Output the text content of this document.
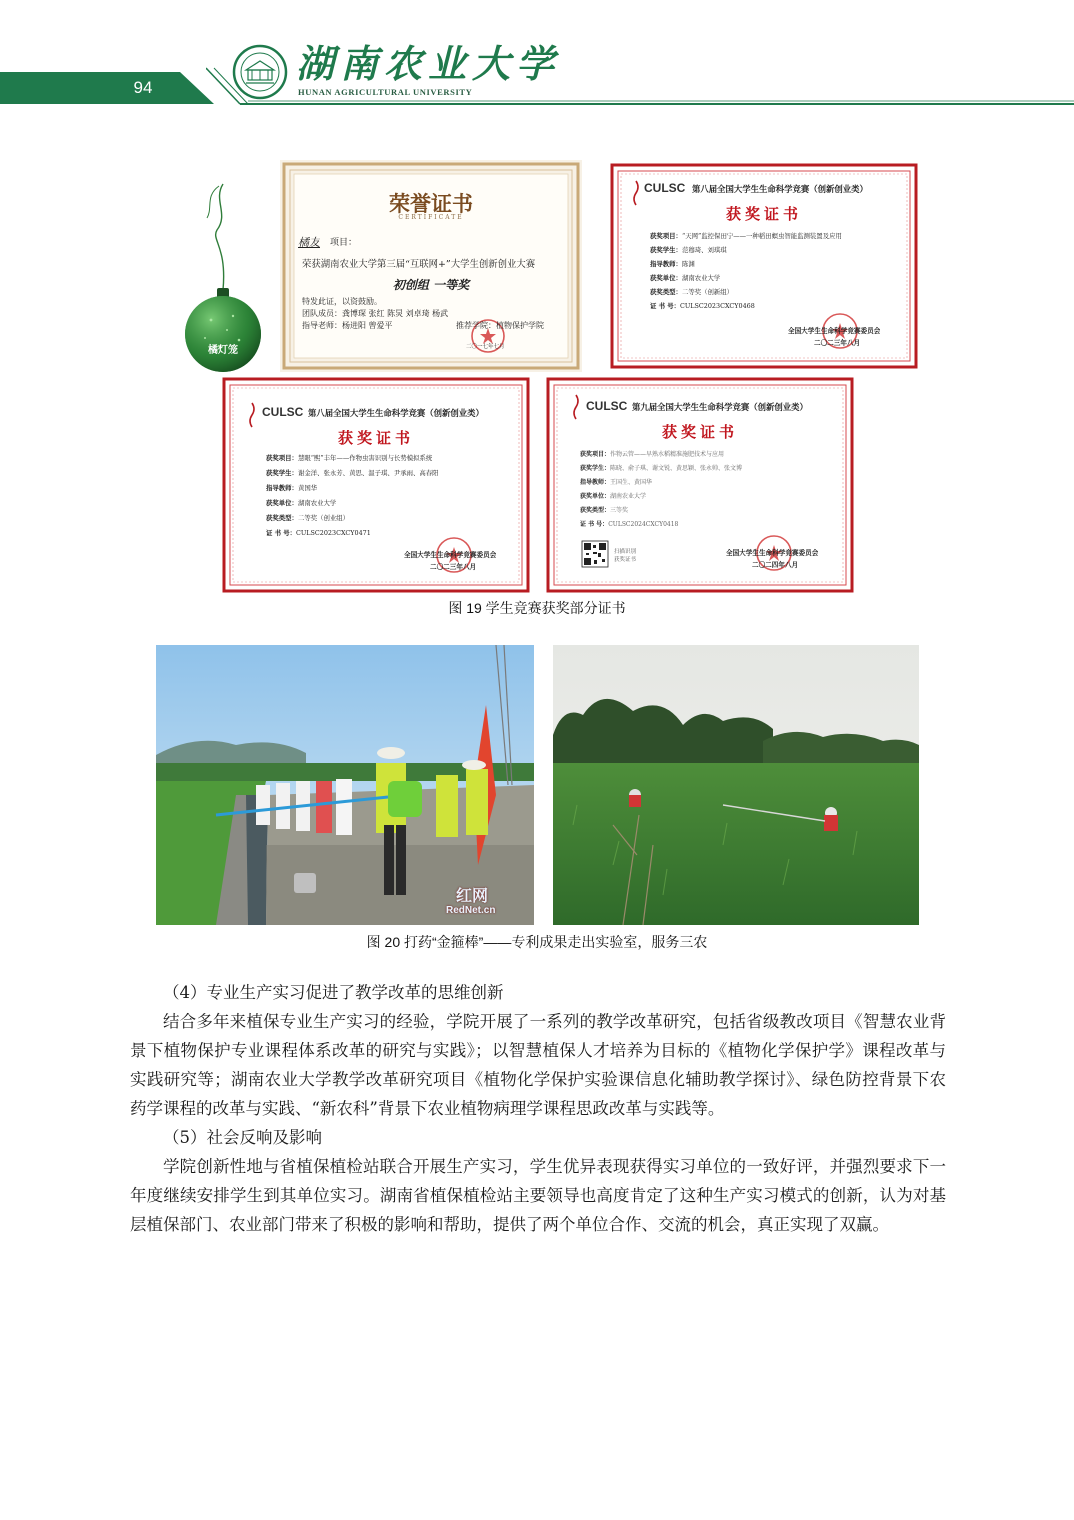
94
湖南农业大学
HUNAN AGRICULTURAL UNIVERSITY
橘灯笼
荣誉证书
CERTIFICATE
橘友 项目：
荣获湖南农业大学第三届“互联网+”大学生创新创业大赛
初创组 一等奖
特发此证，以资鼓励。
团队成员：龚博琛 张红 陈炅 刘卓琦 杨武
指导老师：杨进阳 曾爱平	推荐学院：植物保护学院
二〇一七年七月
CULSC 第八届全国大学生生命科学竞赛（创新创业类）
获奖证书
获奖项目：“天网”监控保田宁——一种稻田螟虫智能监测装置及应用
获奖学生：范穆琦、刘琪琪
指导教师：陈渊
获奖单位：湖南农业大学
获奖类型：二等奖（创新组）
证 书 号：CULSC2023CXCY0468
全国大学生生命科学竞赛委员会
二〇二三年八月
CULSC 第八届全国大学生生命科学竞赛（创新创业类）
获奖证书
获奖项目：慧眼“熙”丰年——作物虫害识别与长势模拟系统
获奖学生：谢金洋、张永芳、黄思、温子琪、尹承雨、高春阳
指导教师：黄国华
获奖单位：湖南农业大学
获奖类型：二等奖（创业组）
证 书 号：CULSC2023CXCY0471
全国大学生生命科学竞赛委员会
二〇二三年八月
CULSC 第九届全国大学生生命科学竞赛（创新创业类）
获奖证书
获奖项目：作物云管——早熟水稻精准施肥技术与应用
获奖学生：陈晓、俞子琪、谢文锐、黄思颖、张永帅、张文博
指导教师：王国生、黄国华
获奖单位：湖南农业大学
获奖类型：三等奖
证 书 号：CULSC2024CXCY0418
扫描识别
获奖证书
全国大学生生命科学竞赛委员会
二〇二四年八月
图 19 学生竞赛获奖部分证书
红网
RedNet.cn
图 20 打药“金箍棒”——专利成果走出实验室，服务三农

（4）专业生产实习促进了教学改革的思维创新

结合多年来植保专业生产实习的经验，学院开展了一系列的教学改革研究，包括省级教改项目《智慧农业背景下植物保护专业课程体系改革的研究与实践》；以智慧植保人才培养为目标的《植物化学保护学》课程改革与实践研究等；湖南农业大学教学改革研究项目《植物化学保护实验课信息化辅助教学探讨》、绿色防控背景下农药学课程的改革与实践、“新农科”背景下农业植物病理学课程思政改革与实践等。

（5）社会反响及影响

学院创新性地与省植保植检站联合开展生产实习，学生优异表现获得实习单位的一致好评，并强烈要求下一年度继续安排学生到其单位实习。湖南省植保植检站主要领导也高度肯定了这种生产实习模式的创新，认为对基层植保部门、农业部门带来了积极的影响和帮助，提供了两个单位合作、交流的机会，真正实现了双赢。
